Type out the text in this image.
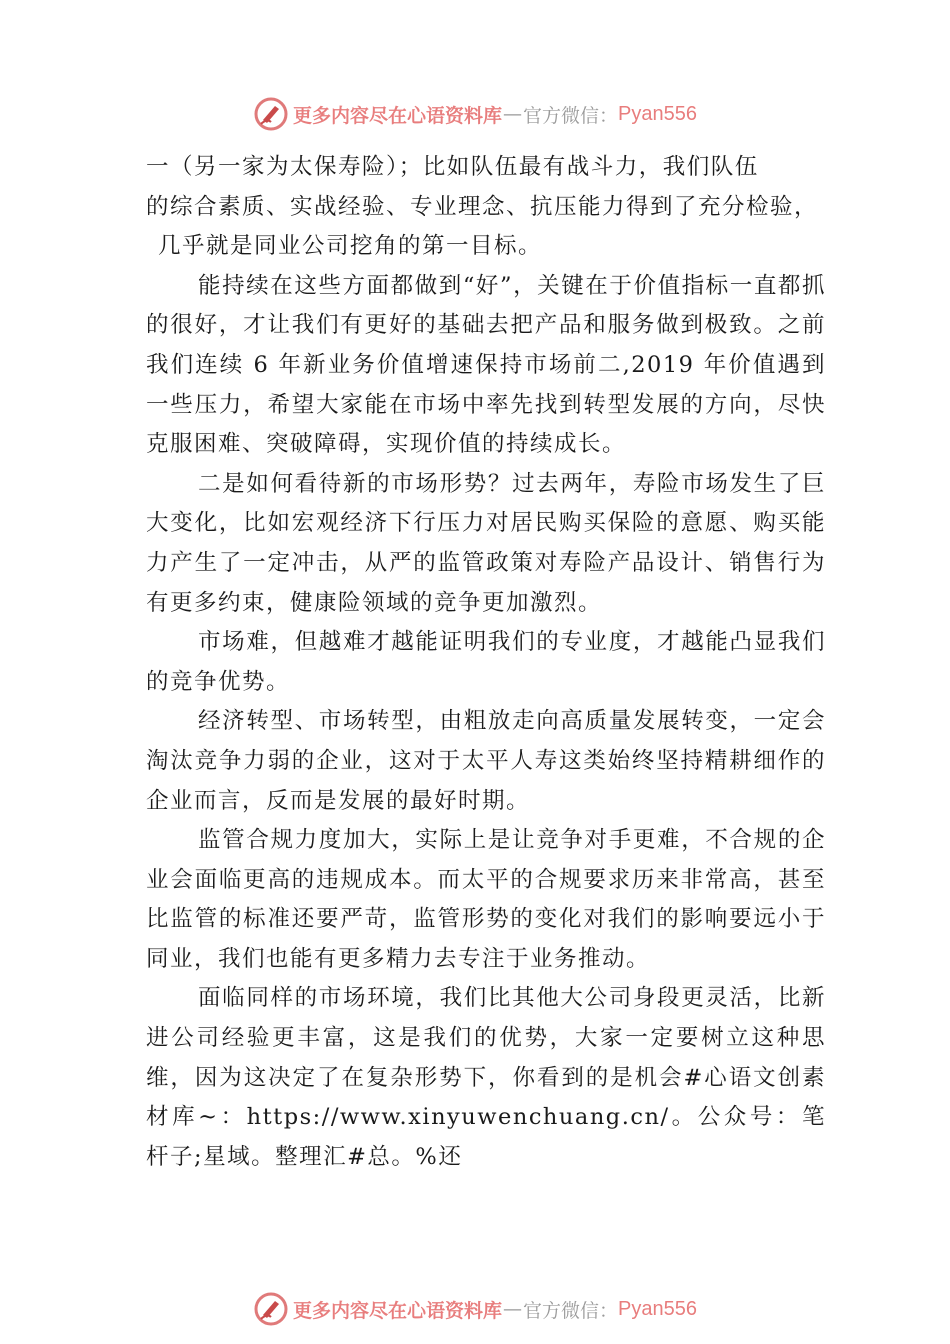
更多内容尽在心语资料库 — 官方微信： Pyan556

一（另一家为太保寿险）；比如队伍最有战斗力，我们队伍

的综合素质、实战经验、专业理念、抗压能力得到了充分检验，

几乎就是同业公司挖角的第一目标。

能持续在这些方面都做到“好”，关键在于价值指标一直都抓的很好，才让我们有更好的基础去把产品和服务做到极致。之前我们连续 6 年新业务价值增速保持市场前二,2019 年价值遇到一些压力，希望大家能在市场中率先找到转型发展的方向，尽快克服困难、突破障碍，实现价值的持续成长。

二是如何看待新的市场形势？过去两年，寿险市场发生了巨大变化，比如宏观经济下行压力对居民购买保险的意愿、购买能力产生了一定冲击，从严的监管政策对寿险产品设计、销售行为有更多约束，健康险领域的竞争更加激烈。

市场难，但越难才越能证明我们的专业度，才越能凸显我们的竞争优势。

经济转型、市场转型，由粗放走向高质量发展转变，一定会淘汰竞争力弱的企业，这对于太平人寿这类始终坚持精耕细作的企业而言，反而是发展的最好时期。

监管合规力度加大，实际上是让竞争对手更难，不合规的企业会面临更高的违规成本。而太平的合规要求历来非常高，甚至比监管的标准还要严苛，监管形势的变化对我们的影响要远小于同业，我们也能有更多精力去专注于业务推动。

面临同样的市场环境，我们比其他大公司身段更灵活，比新进公司经验更丰富，这是我们的优势，大家一定要树立这种思维，因为这决定了在复杂形势下，你看到的是机会#心语文创素材库~：https://www.xinyuwenchuang.cn/。公众号：笔杆子;星域。整理汇#总。%还

更多内容尽在心语资料库 — 官方微信： Pyan556
